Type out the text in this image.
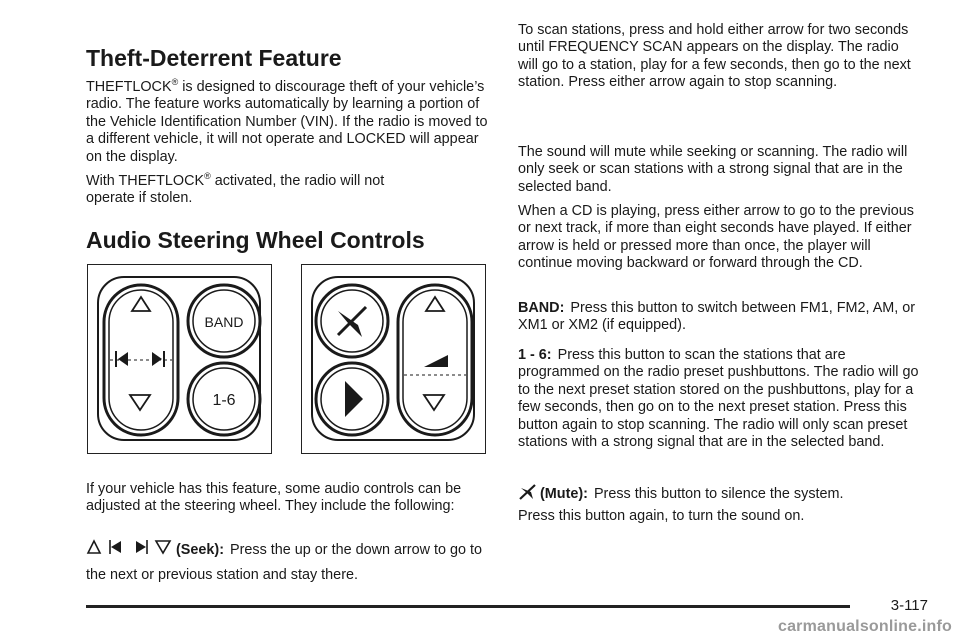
Theft-Deterrent Feature

THEFTLOCK® is designed to discourage theft of your vehicle’s radio. The feature works automatically by learning a portion of the Vehicle Identification Number (VIN). If the radio is moved to a different vehicle, it will not operate and LOCKED will appear on the display.

With THEFTLOCK® activated, the radio will not operate if stolen.

Audio Steering Wheel Controls

If your vehicle has this feature, some audio controls can be adjusted at the steering wheel. They include the following:

(Seek): Press the up or the down arrow to go to the next or previous station and stay there.

BAND
1-6

To scan stations, press and hold either arrow for two seconds until FREQUENCY SCAN appears on the display. The radio will go to a station, play for a few seconds, then go to the next station. Press either arrow again to stop scanning.

The sound will mute while seeking or scanning. The radio will only seek or scan stations with a strong signal that are in the selected band.

When a CD is playing, press either arrow to go to the previous or next track, if more than eight seconds have played. If either arrow is held or pressed more than once, the player will continue moving backward or forward through the CD.

BAND: Press this button to switch between FM1, FM2, AM, or XM1 or XM2 (if equipped).

1 - 6: Press this button to scan the stations that are programmed on the radio preset pushbuttons. The radio will go to the next preset station stored on the pushbuttons, play for a few seconds, then go on to the next preset station. Press this button again to stop scanning. The radio will only scan preset stations with a strong signal that are in the selected band.

(Mute): Press this button to silence the system.

Press this button again, to turn the sound on.

3-117
carmanualsonline.info
